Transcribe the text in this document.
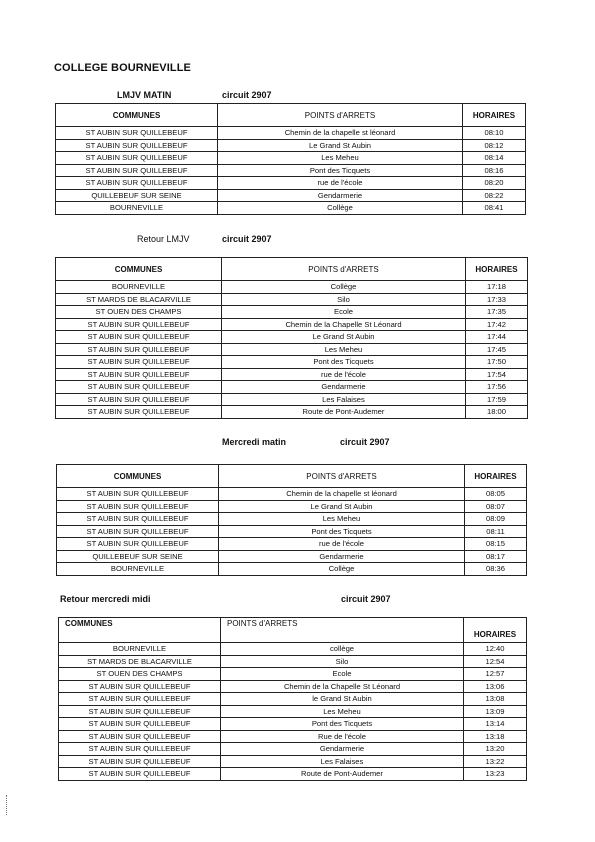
COLLEGE BOURNEVILLE
LMJV MATIN	circuit 2907
COMMUNES	POINTS d'ARRETS	HORAIRES
ST AUBIN SUR QUILLEBEUF	Chemin de la chapelle st léonard	08:10
ST AUBIN SUR QUILLEBEUF	Le Grand St Aubin	08:12
ST AUBIN SUR QUILLEBEUF	Les Meheu	08:14
ST AUBIN SUR QUILLEBEUF	Pont des Ticquets	08:16
ST AUBIN SUR QUILLEBEUF	rue de l'école	08:20
QUILLEBEUF SUR SEINE	Gendarmerie	08:22
BOURNEVILLE	Collège	08:41
Retour LMJV	circuit 2907
COMMUNES	POINTS d'ARRETS	HORAIRES
BOURNEVILLE	Collège	17:18
ST MARDS DE BLACARVILLE	Silo	17:33
ST OUEN DES CHAMPS	Ecole	17:35
ST AUBIN SUR QUILLEBEUF	Chemin de la Chapelle St Léonard	17:42
ST AUBIN SUR QUILLEBEUF	Le Grand St Aubin	17:44
ST AUBIN SUR QUILLEBEUF	Les Meheu	17:45
ST AUBIN SUR QUILLEBEUF	Pont des Ticquets	17:50
ST AUBIN SUR QUILLEBEUF	rue de l'école	17:54
ST AUBIN SUR QUILLEBEUF	Gendarmerie	17:56
ST AUBIN SUR QUILLEBEUF	Les Falaises	17:59
ST AUBIN SUR QUILLEBEUF	Route de Pont-Audemer	18:00
Mercredi matin	circuit 2907
COMMUNES	POINTS d'ARRETS	HORAIRES
ST AUBIN SUR QUILLEBEUF	Chemin de la chapelle st léonard	08:05
ST AUBIN SUR QUILLEBEUF	Le Grand St Aubin	08:07
ST AUBIN SUR QUILLEBEUF	Les Meheu	08:09
ST AUBIN SUR QUILLEBEUF	Pont des Ticquets	08:11
ST AUBIN SUR QUILLEBEUF	rue de l'école	08:15
QUILLEBEUF SUR SEINE	Gendarmerie	08:17
BOURNEVILLE	Collège	08:36
Retour mercredi midi	circuit 2907
COMMUNES	POINTS d'ARRETS	HORAIRES
BOURNEVILLE	collège	12:40
ST MARDS DE BLACARVILLE	Silo	12:54
ST OUEN DES CHAMPS	Ecole	12:57
ST AUBIN SUR QUILLEBEUF	Chemin de la Chapelle St Léonard	13:06
ST AUBIN SUR QUILLEBEUF	le Grand St Aubin	13:08
ST AUBIN SUR QUILLEBEUF	Les Meheu	13:09
ST AUBIN SUR QUILLEBEUF	Pont des Ticquets	13:14
ST AUBIN SUR QUILLEBEUF	Rue de l'école	13:18
ST AUBIN SUR QUILLEBEUF	Gendarmerie	13:20
ST AUBIN SUR QUILLEBEUF	Les Falaises	13:22
ST AUBIN SUR QUILLEBEUF	Route de Pont-Audemer	13:23
